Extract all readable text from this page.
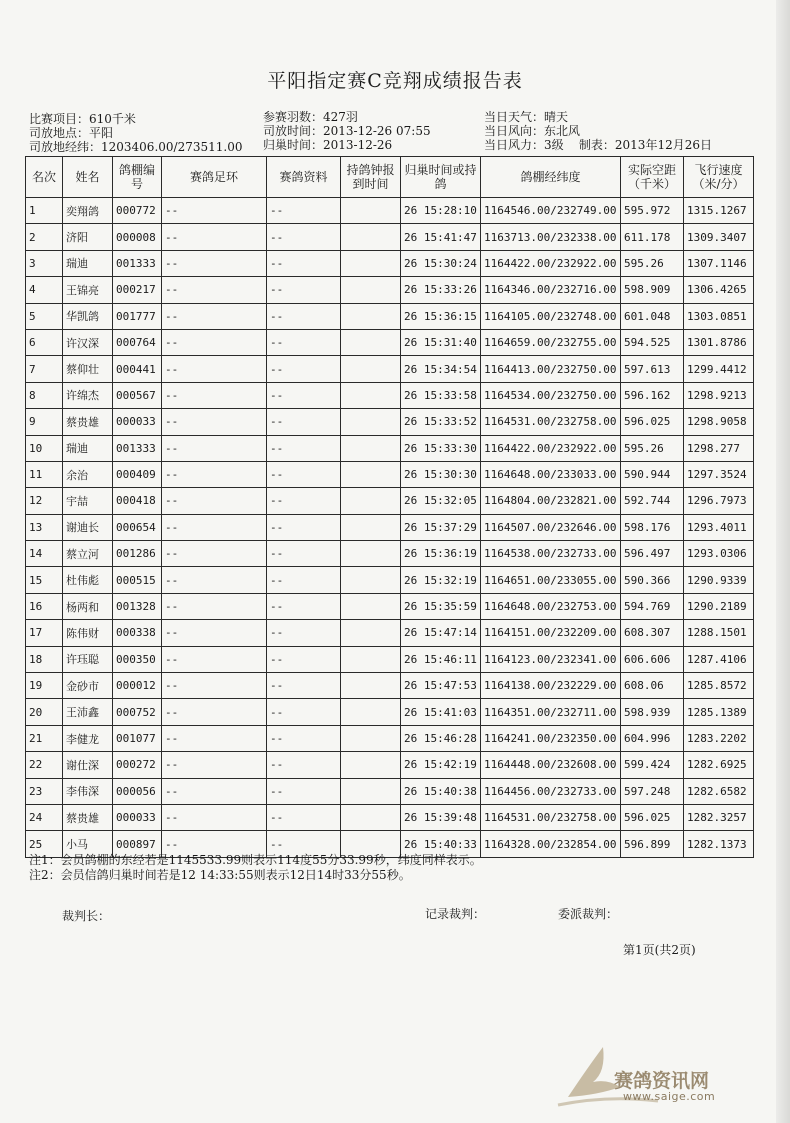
平阳指定赛C竞翔成绩报告表
比赛项目：610千米
司放地点：平阳
司放地经纬：1203406.00/273511.00
参赛羽数：427羽
司放时间：2013-12-26 07:55
归巢时间：2013-12-26
当日天气：晴天
当日风向：东北风
当日风力：3级 制表：2013年12月26日
名次	姓名	鸽棚编号	赛鸽足环	赛鸽资料	持鸽钟报到时间	归巢时间或持鸽	鸽棚经纬度	实际空距（千米）	飞行速度（米/分）
1	奕翔鸽	000772	--	--		26 15:28:10	1164546.00/232749.00	595.972	1315.1267
2	济阳	000008	--	--		26 15:41:47	1163713.00/232338.00	611.178	1309.3407
3	瑞迪	001333	--	--		26 15:30:24	1164422.00/232922.00	595.26	1307.1146
4	王锦亮	000217	--	--		26 15:33:26	1164346.00/232716.00	598.909	1306.4265
5	华凯鸽	001777	--	--		26 15:36:15	1164105.00/232748.00	601.048	1303.0851
6	许汉深	000764	--	--		26 15:31:40	1164659.00/232755.00	594.525	1301.8786
7	蔡仰壮	000441	--	--		26 15:34:54	1164413.00/232750.00	597.613	1299.4412
8	许绵杰	000567	--	--		26 15:33:58	1164534.00/232750.00	596.162	1298.9213
9	蔡贵雄	000033	--	--		26 15:33:52	1164531.00/232758.00	596.025	1298.9058
10	瑞迪	001333	--	--		26 15:33:30	1164422.00/232922.00	595.26	1298.277
11	余治	000409	--	--		26 15:30:30	1164648.00/233033.00	590.944	1297.3524
12	宇喆	000418	--	--		26 15:32:05	1164804.00/232821.00	592.744	1296.7973
13	谢迪长	000654	--	--		26 15:37:29	1164507.00/232646.00	598.176	1293.4011
14	蔡立河	001286	--	--		26 15:36:19	1164538.00/232733.00	596.497	1293.0306
15	杜伟彪	000515	--	--		26 15:32:19	1164651.00/233055.00	590.366	1290.9339
16	杨两和	001328	--	--		26 15:35:59	1164648.00/232753.00	594.769	1290.2189
17	陈伟财	000338	--	--		26 15:47:14	1164151.00/232209.00	608.307	1288.1501
18	许珏聪	000350	--	--		26 15:46:11	1164123.00/232341.00	606.606	1287.4106
19	金砂市	000012	--	--		26 15:47:53	1164138.00/232229.00	608.06	1285.8572
20	王沛鑫	000752	--	--		26 15:41:03	1164351.00/232711.00	598.939	1285.1389
21	李健龙	001077	--	--		26 15:46:28	1164241.00/232350.00	604.996	1283.2202
22	谢仕深	000272	--	--		26 15:42:19	1164448.00/232608.00	599.424	1282.6925
23	李伟深	000056	--	--		26 15:40:38	1164456.00/232733.00	597.248	1282.6582
24	蔡贵雄	000033	--	--		26 15:39:48	1164531.00/232758.00	596.025	1282.3257
25	小马	000897	--	--		26 15:40:33	1164328.00/232854.00	596.899	1282.1373
注1：会员鸽棚的东经若是1145533.99则表示114度55分33.99秒，纬度同样表示。
注2：会员信鸽归巢时间若是12 14:33:55则表示12日14时33分55秒。
裁判长：	记录裁判：	委派裁判：
第1页(共2页)
赛鸽资讯网
www.saige.com
